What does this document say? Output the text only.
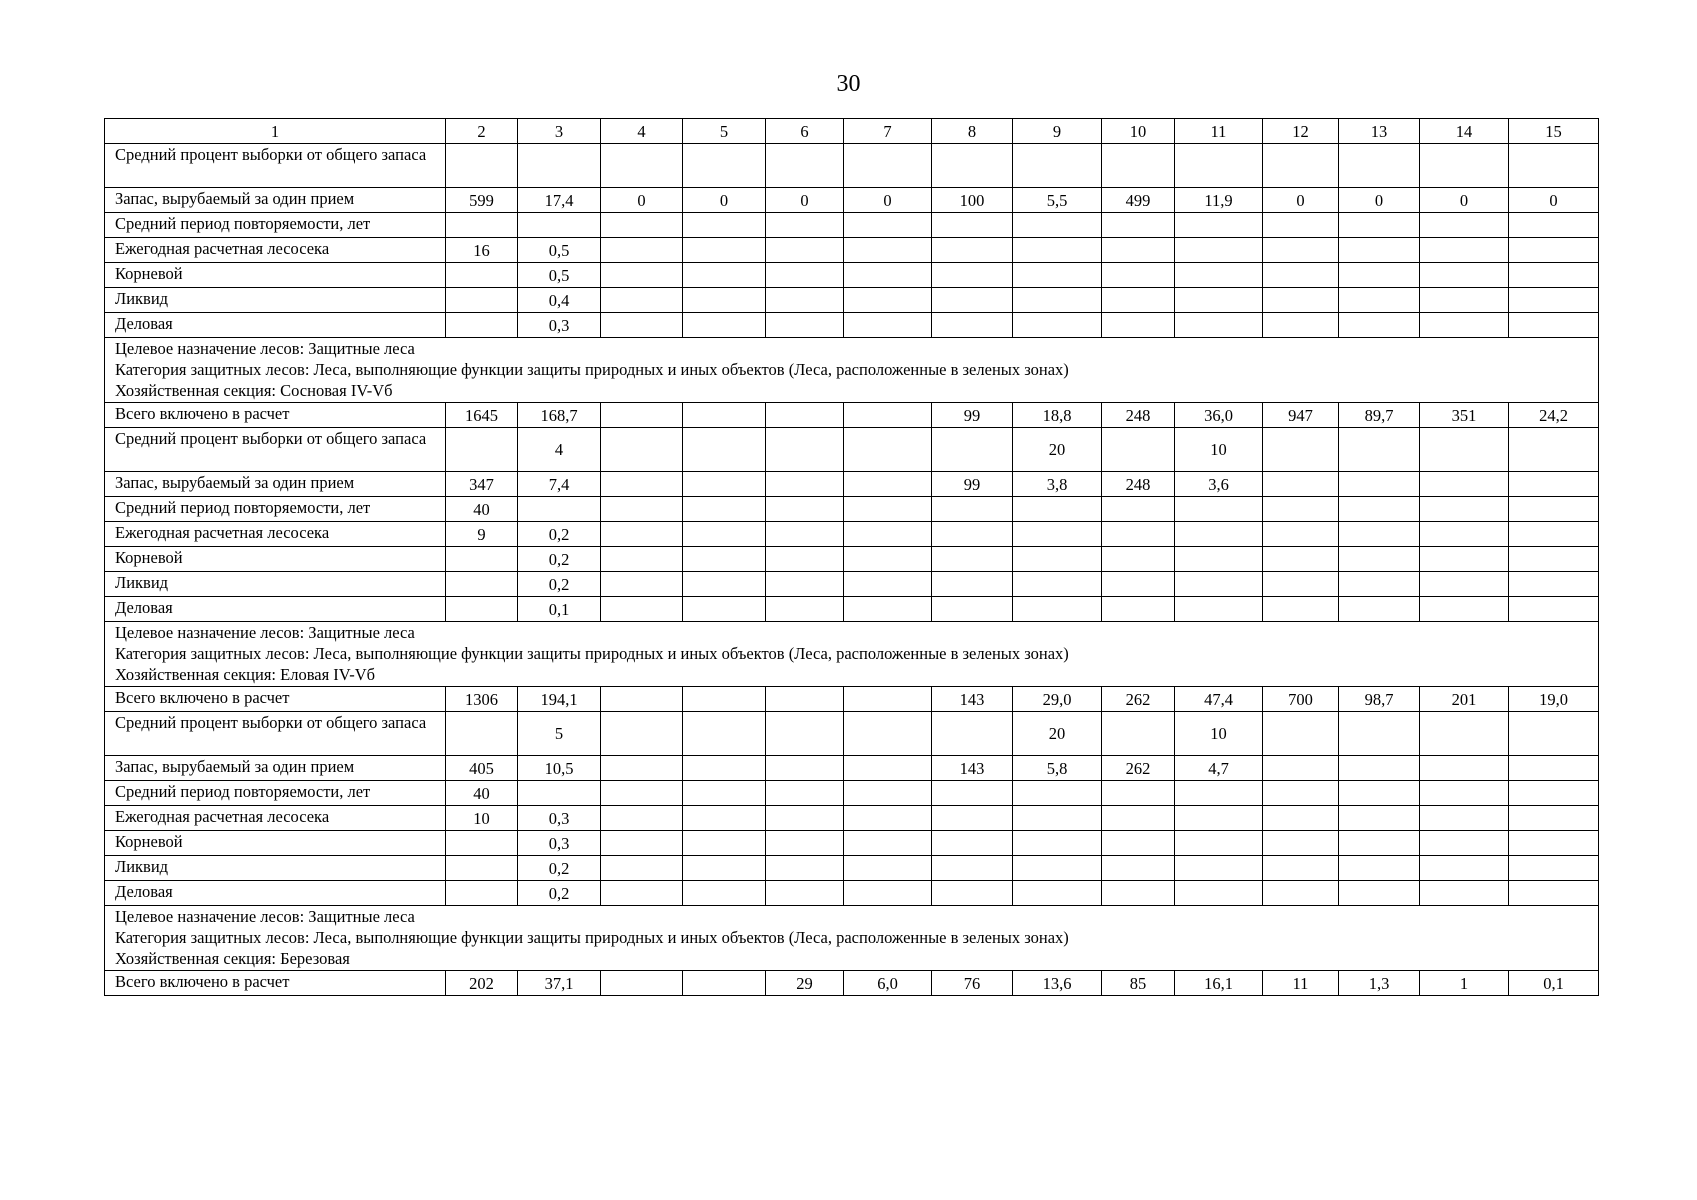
30
1	2	3	4	5	6	7	8	9	10	11	12	13	14	15
Средний процент выборки от общего запаса														
Запас, вырубаемый за один прием	599	17,4	0	0	0	0	100	5,5	499	11,9	0	0	0	0
Средний период повторяемости, лет														
Ежегодная расчетная лесосека	16	0,5												
Корневой		0,5												
Ликвид		0,4												
Деловая		0,3												

Целевое назначение лесов: Защитные леса
Категория защитных лесов: Леса, выполняющие функции защиты природных и иных объектов (Леса, расположенные в зеленых зонах)
Хозяйственная секция: Сосновая IV-Vб														

Всего включено в расчет	1645	168,7					99	18,8	248	36,0	947	89,7	351	24,2
Средний процент выборки от общего запаса		4						20		10				
Запас, вырубаемый за один прием	347	7,4					99	3,8	248	3,6				
Средний период повторяемости, лет	40													
Ежегодная расчетная лесосека	9	0,2												
Корневой		0,2												
Ликвид		0,2												
Деловая		0,1												

Целевое назначение лесов: Защитные леса
Категория защитных лесов: Леса, выполняющие функции защиты природных и иных объектов (Леса, расположенные в зеленых зонах)
Хозяйственная секция: Еловая IV-Vб														

Всего включено в расчет	1306	194,1					143	29,0	262	47,4	700	98,7	201	19,0
Средний процент выборки от общего запаса		5						20		10				
Запас, вырубаемый за один прием	405	10,5					143	5,8	262	4,7				
Средний период повторяемости, лет	40													
Ежегодная расчетная лесосека	10	0,3												
Корневой		0,3												
Ликвид		0,2												
Деловая		0,2												

Целевое назначение лесов: Защитные леса
Категория защитных лесов: Леса, выполняющие функции защиты природных и иных объектов (Леса, расположенные в зеленых зонах)
Хозяйственная секция: Березовая														

Всего включено в расчет	202	37,1			29	6,0	76	13,6	85	16,1	11	1,3	1	0,1
